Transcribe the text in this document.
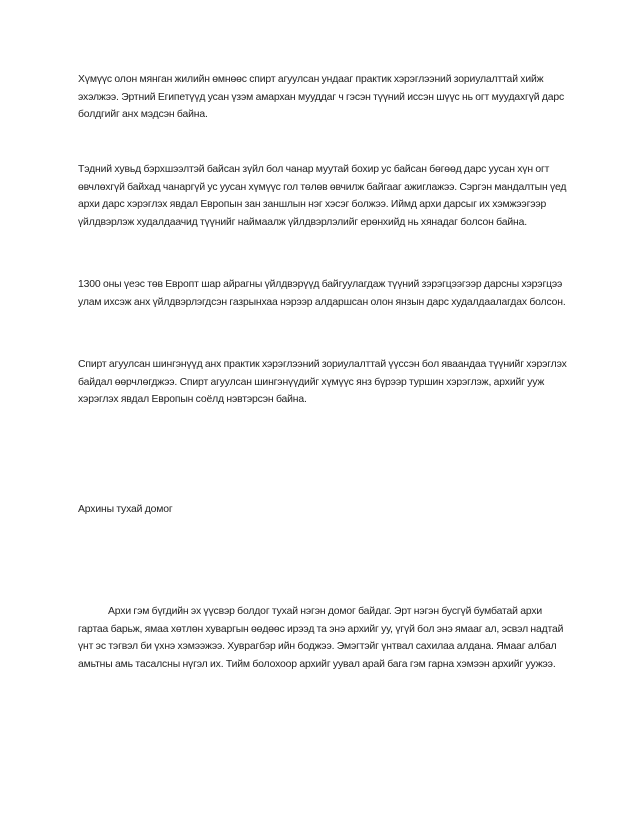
Хүмүүс олон мянган жилийн өмнөөс спирт агуулсан ундааг практик хэрэглээний зориулалттай хийж эхэлжээ. Эртний Египетүүд усан үзэм амархан мууддаг ч гэсэн түүний иссэн шүүс нь огт муудахгүй дарс болдгийг анх мэдсэн байна.

Тэдний хувьд бэрхшээлтэй байсан зүйл бол чанар муутай бохир ус байсан бөгөөд дарс уусан хүн огт өвчлөхгүй байхад чанаргүй ус уусан хүмүүс гол төлөв өвчилж байгааг ажиглажээ. Сэргэн мандалтын үед архи дарс хэрэглэх явдал Европын зан заншлын нэг хэсэг болжээ. Иймд архи дарсыг их хэмжээгээр үйлдвэрлэж худалдаачид түүнийг наймаалж үйлдвэрлэлийг ерөнхийд нь хянадаг болсон байна.

1300 оны үеэс төв Европт шар айрагны үйлдвэрүүд байгуулагдаж түүний зэрэгцээгээр дарсны хэрэгцээ улам ихсэж анх үйлдвэрлэгдсэн газрынхаа нэрээр алдаршсан олон янзын дарс худалдаалагдах болсон.

Спирт агуулсан шингэнүүд анх практик хэрэглээний зориулалттай үүссэн бол яваандаа түүнийг хэрэглэх байдал өөрчлөгджээ. Спирт агуулсан шингэнүүдийг хүмүүс янз бүрээр туршин хэрэглэж, архийг ууж хэрэглэх явдал Европын соёлд нэвтэрсэн байна.

Архины тухай домог

Архи гэм бүгдийн эх үүсвэр болдог тухай нэгэн домог байдаг. Эрт нэгэн бусгүй бумбатай архи гартаа барьж, ямаа хөтлөн хуваргын өөдөөс ирээд та энэ архийг уу, үгүй бол энэ ямааг ал, эсвэл надтай үнт эс тэгвэл би үхнэ хэмээжээ. Хуврагбэр ийн боджээ. Эмэгтэйг үнтвал сахилаа алдана. Ямааг албал амьтны амь тасалсны нүгэл их. Тийм болохоор архийг уувал арай бага гэм гарна хэмээн архийг уужээ.
